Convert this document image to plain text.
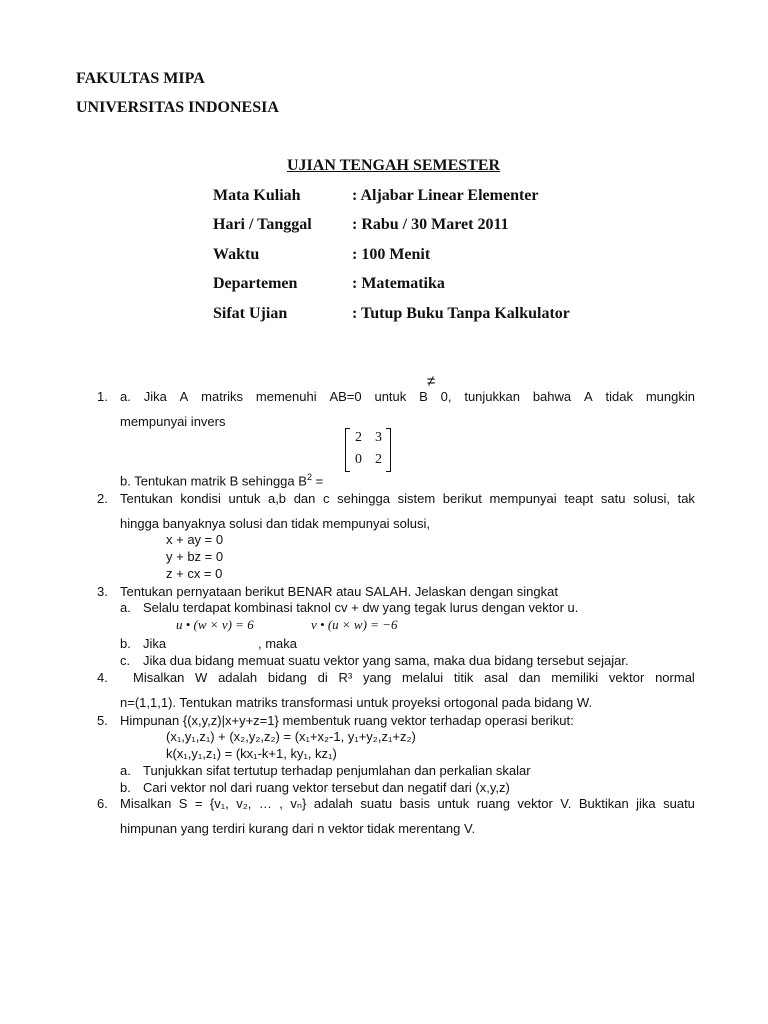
FAKULTAS MIPA
UNIVERSITAS INDONESIA
UJIAN TENGAH SEMESTER
Mata Kuliah	: Aljabar Linear Elementer
Hari / Tanggal	: Rabu / 30 Maret 2011
Waktu	: 100 Menit
Departemen	: Matematika
Sifat Ujian	: Tutup Buku Tanpa Kalkulator
≠
1. a. Jika A matriks memenuhi AB=0 untuk B 0, tunjukkan bahwa A tidak mungkin
mempunyai invers
2 3
0 2
b. Tentukan matrik B sehingga $B^2$ =
2. Tentukan kondisi untuk a,b dan c sehingga sistem berikut mempunyai teapt satu solusi, tak
hingga banyaknya solusi dan tidak mempunyai solusi,
x + ay = 0
y + bz = 0
z + cx = 0
3. Tentukan pernyataan berikut BENAR atau SALAH. Jelaskan dengan singkat
a. Selalu terdapat kombinasi taknol cv + dw yang tegak lurus dengan vektor u.
u • (w × v) = 6	v • (u × w) = −6
b. Jika	, maka
c. Jika dua bidang memuat suatu vektor yang sama, maka dua bidang tersebut sejajar.
4. Misalkan W adalah bidang di R³ yang melalui titik asal dan memiliki vektor normal
n=(1,1,1). Tentukan matriks transformasi untuk proyeksi ortogonal pada bidang W.
5. Himpunan {(x,y,z)|x+y+z=1} membentuk ruang vektor terhadap operasi berikut:
(x₁,y₁,z₁) + (x₂,y₂,z₂) = (x₁+x₂-1, y₁+y₂,z₁+z₂)
k(x₁,y₁,z₁) = (kx₁-k+1, ky₁, kz₁)
a. Tunjukkan sifat tertutup terhadap penjumlahan dan perkalian skalar
b. Cari vektor nol dari ruang vektor tersebut dan negatif dari (x,y,z)
6. Misalkan S = {v₁, v₂, … , vₙ} adalah suatu basis untuk ruang vektor V. Buktikan jika suatu
himpunan yang terdiri kurang dari n vektor tidak merentang V.
